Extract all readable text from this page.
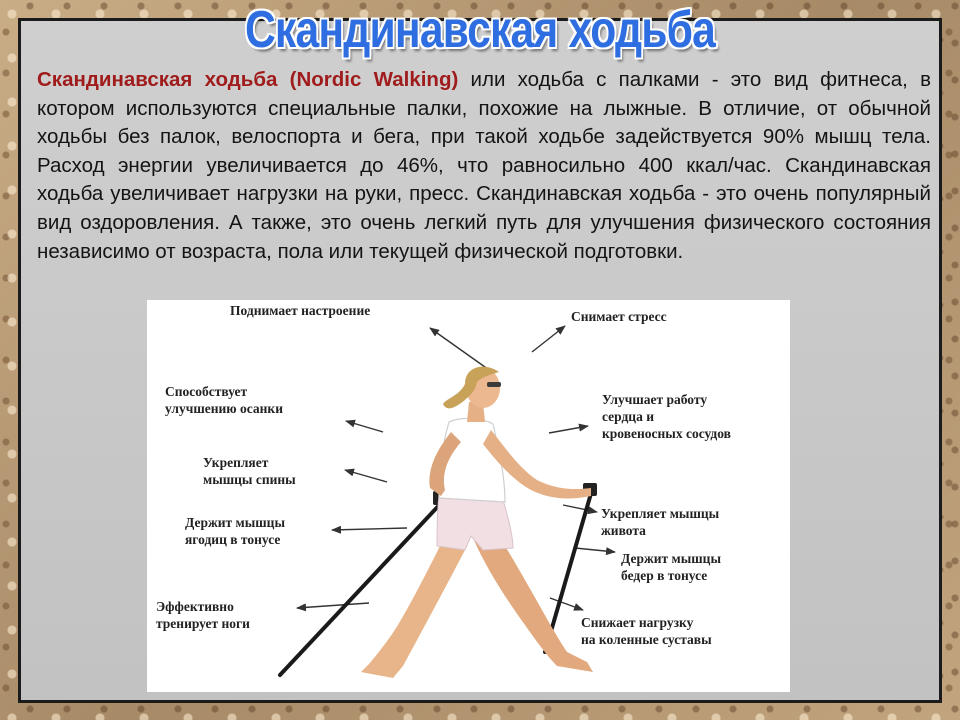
Скандинавская ходьба

Скандинавская ходьба (Nordic Walking) или ходьба с палками - это вид фитнеса, в котором используются специальные палки, похожие на лыжные. В отличие, от обычной ходьбы без палок, велоспорта и бега, при такой ходьбе задействуется 90% мышц тела. Расход энергии увеличивается до 46%, что равносильно 400 ккал/час. Скандинавская ходьба увеличивает нагрузки на руки, пресс. Скандинавская ходьба - это очень популярный вид оздоровления. А также, это очень легкий путь для улучшения физического состояния независимо от возраста, пола или текущей физической подготовки.

Поднимает настроение	Снимает стресс
Способствует
улучшению осанки
Улучшает работу
сердца и
кровеносных сосудов
Укрепляет
мышцы спины
Укрепляет мышцы
живота
Держит мышцы
ягодиц в тонусе
Держит мышцы
бедер в тонусе
Эффективно
тренирует ноги	Снижает нагрузку
на коленные суставы
